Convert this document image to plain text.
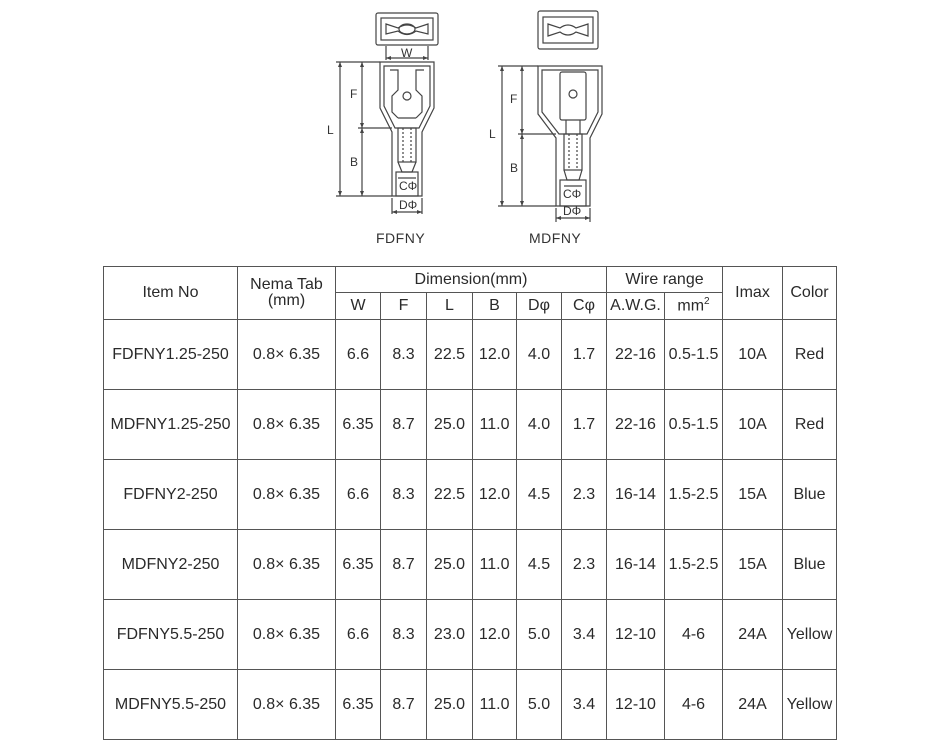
W
L
F
B
CΦ
DΦ
L
F
B
CΦ
DΦ
FDFNY	MDFNY
Item No	Nema Tab
(mm)	Dimension(mm)						Wire range		Imax	Color
		W	F	L	B	Dφ	Cφ	A.W.G.	$mm^2$
FDFNY1.25-250	0.8× 6.35	6.6	8.3	22.5	12.0	4.0	1.7	22-16	0.5-1.5	10A	Red
MDFNY1.25-250	0.8× 6.35	6.35	8.7	25.0	11.0	4.0	1.7	22-16	0.5-1.5	10A	Red
FDFNY2-250	0.8× 6.35	6.6	8.3	22.5	12.0	4.5	2.3	16-14	1.5-2.5	15A	Blue
MDFNY2-250	0.8× 6.35	6.35	8.7	25.0	11.0	4.5	2.3	16-14	1.5-2.5	15A	Blue
FDFNY5.5-250	0.8× 6.35	6.6	8.3	23.0	12.0	5.0	3.4	12-10	4-6	24A	Yellow
MDFNY5.5-250	0.8× 6.35	6.35	8.7	25.0	11.0	5.0	3.4	12-10	4-6	24A	Yellow
